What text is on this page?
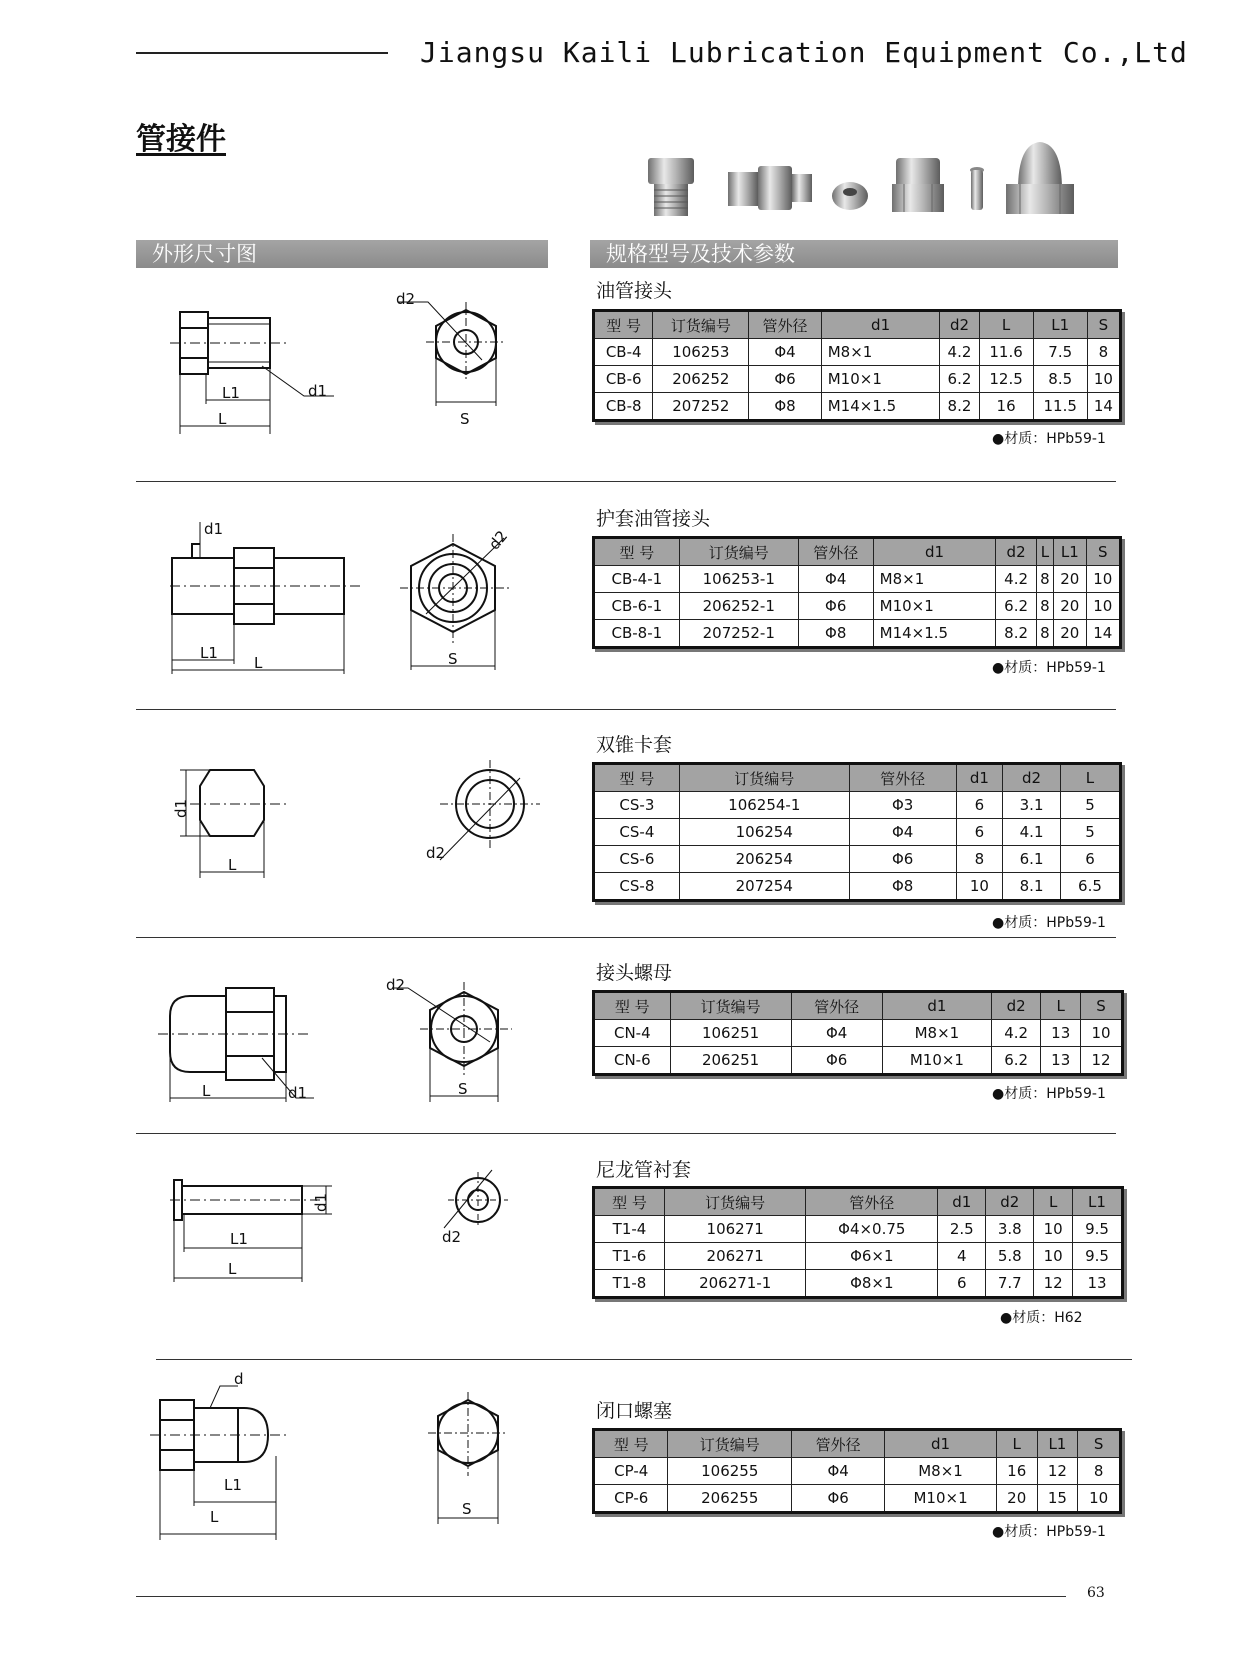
Jiangsu Kaili Lubrication Equipment Co.,Ltd
管接件
外形尺寸图	规格型号及技术参数
油管接头
L1
L
d1
d2
S
型 号	订货编号	管外径	d1	d2	L	L1	S
CB-4	106253	Φ4	M8×1	4.2	11.6	7.5	8
CB-6	206252	Φ6	M10×1	6.2	12.5	8.5	10
CB-8	207252	Φ8	M14×1.5	8.2	16	11.5	14
●材质：HPb59-1
护套油管接头
d1
L1
L
d2
S
型 号	订货编号	管外径	d1	d2	L	L1	S
CB-4-1	106253-1	Φ4	M8×1	4.2	8	20	10
CB-6-1	206252-1	Φ6	M10×1	6.2	8	20	10
CB-8-1	207252-1	Φ8	M14×1.5	8.2	8	20	14
●材质：HPb59-1
双锥卡套
d1
L
d2
型 号	订货编号	管外径	d1	d2	L
CS-3	106254-1	Φ3	6	3.1	5
CS-4	106254	Φ4	6	4.1	5
CS-6	206254	Φ6	8	6.1	6
CS-8	207254	Φ8	10	8.1	6.5
●材质：HPb59-1
接头螺母
L	d1
d2
S
型 号	订货编号	管外径	d1	d2	L	S
CN-4	106251	Φ4	M8×1	4.2	13	10
CN-6	206251	Φ6	M10×1	6.2	13	12
●材质：HPb59-1
尼龙管衬套
d1
L1
L
d2
型 号	订货编号	管外径	d1	d2	L	L1
T1-4	106271	Φ4×0.75	2.5	3.8	10	9.5
T1-6	206271	Φ6×1	4	5.8	10	9.5
T1-8	206271-1	Φ8×1	6	7.7	12	13
●材质：H62
闭口螺塞
d
L1
L	S
型 号	订货编号	管外径	d1	L	L1	S
CP-4	106255	Φ4	M8×1	16	12	8
CP-6	206255	Φ6	M10×1	20	15	10
●材质：HPb59-1
63
